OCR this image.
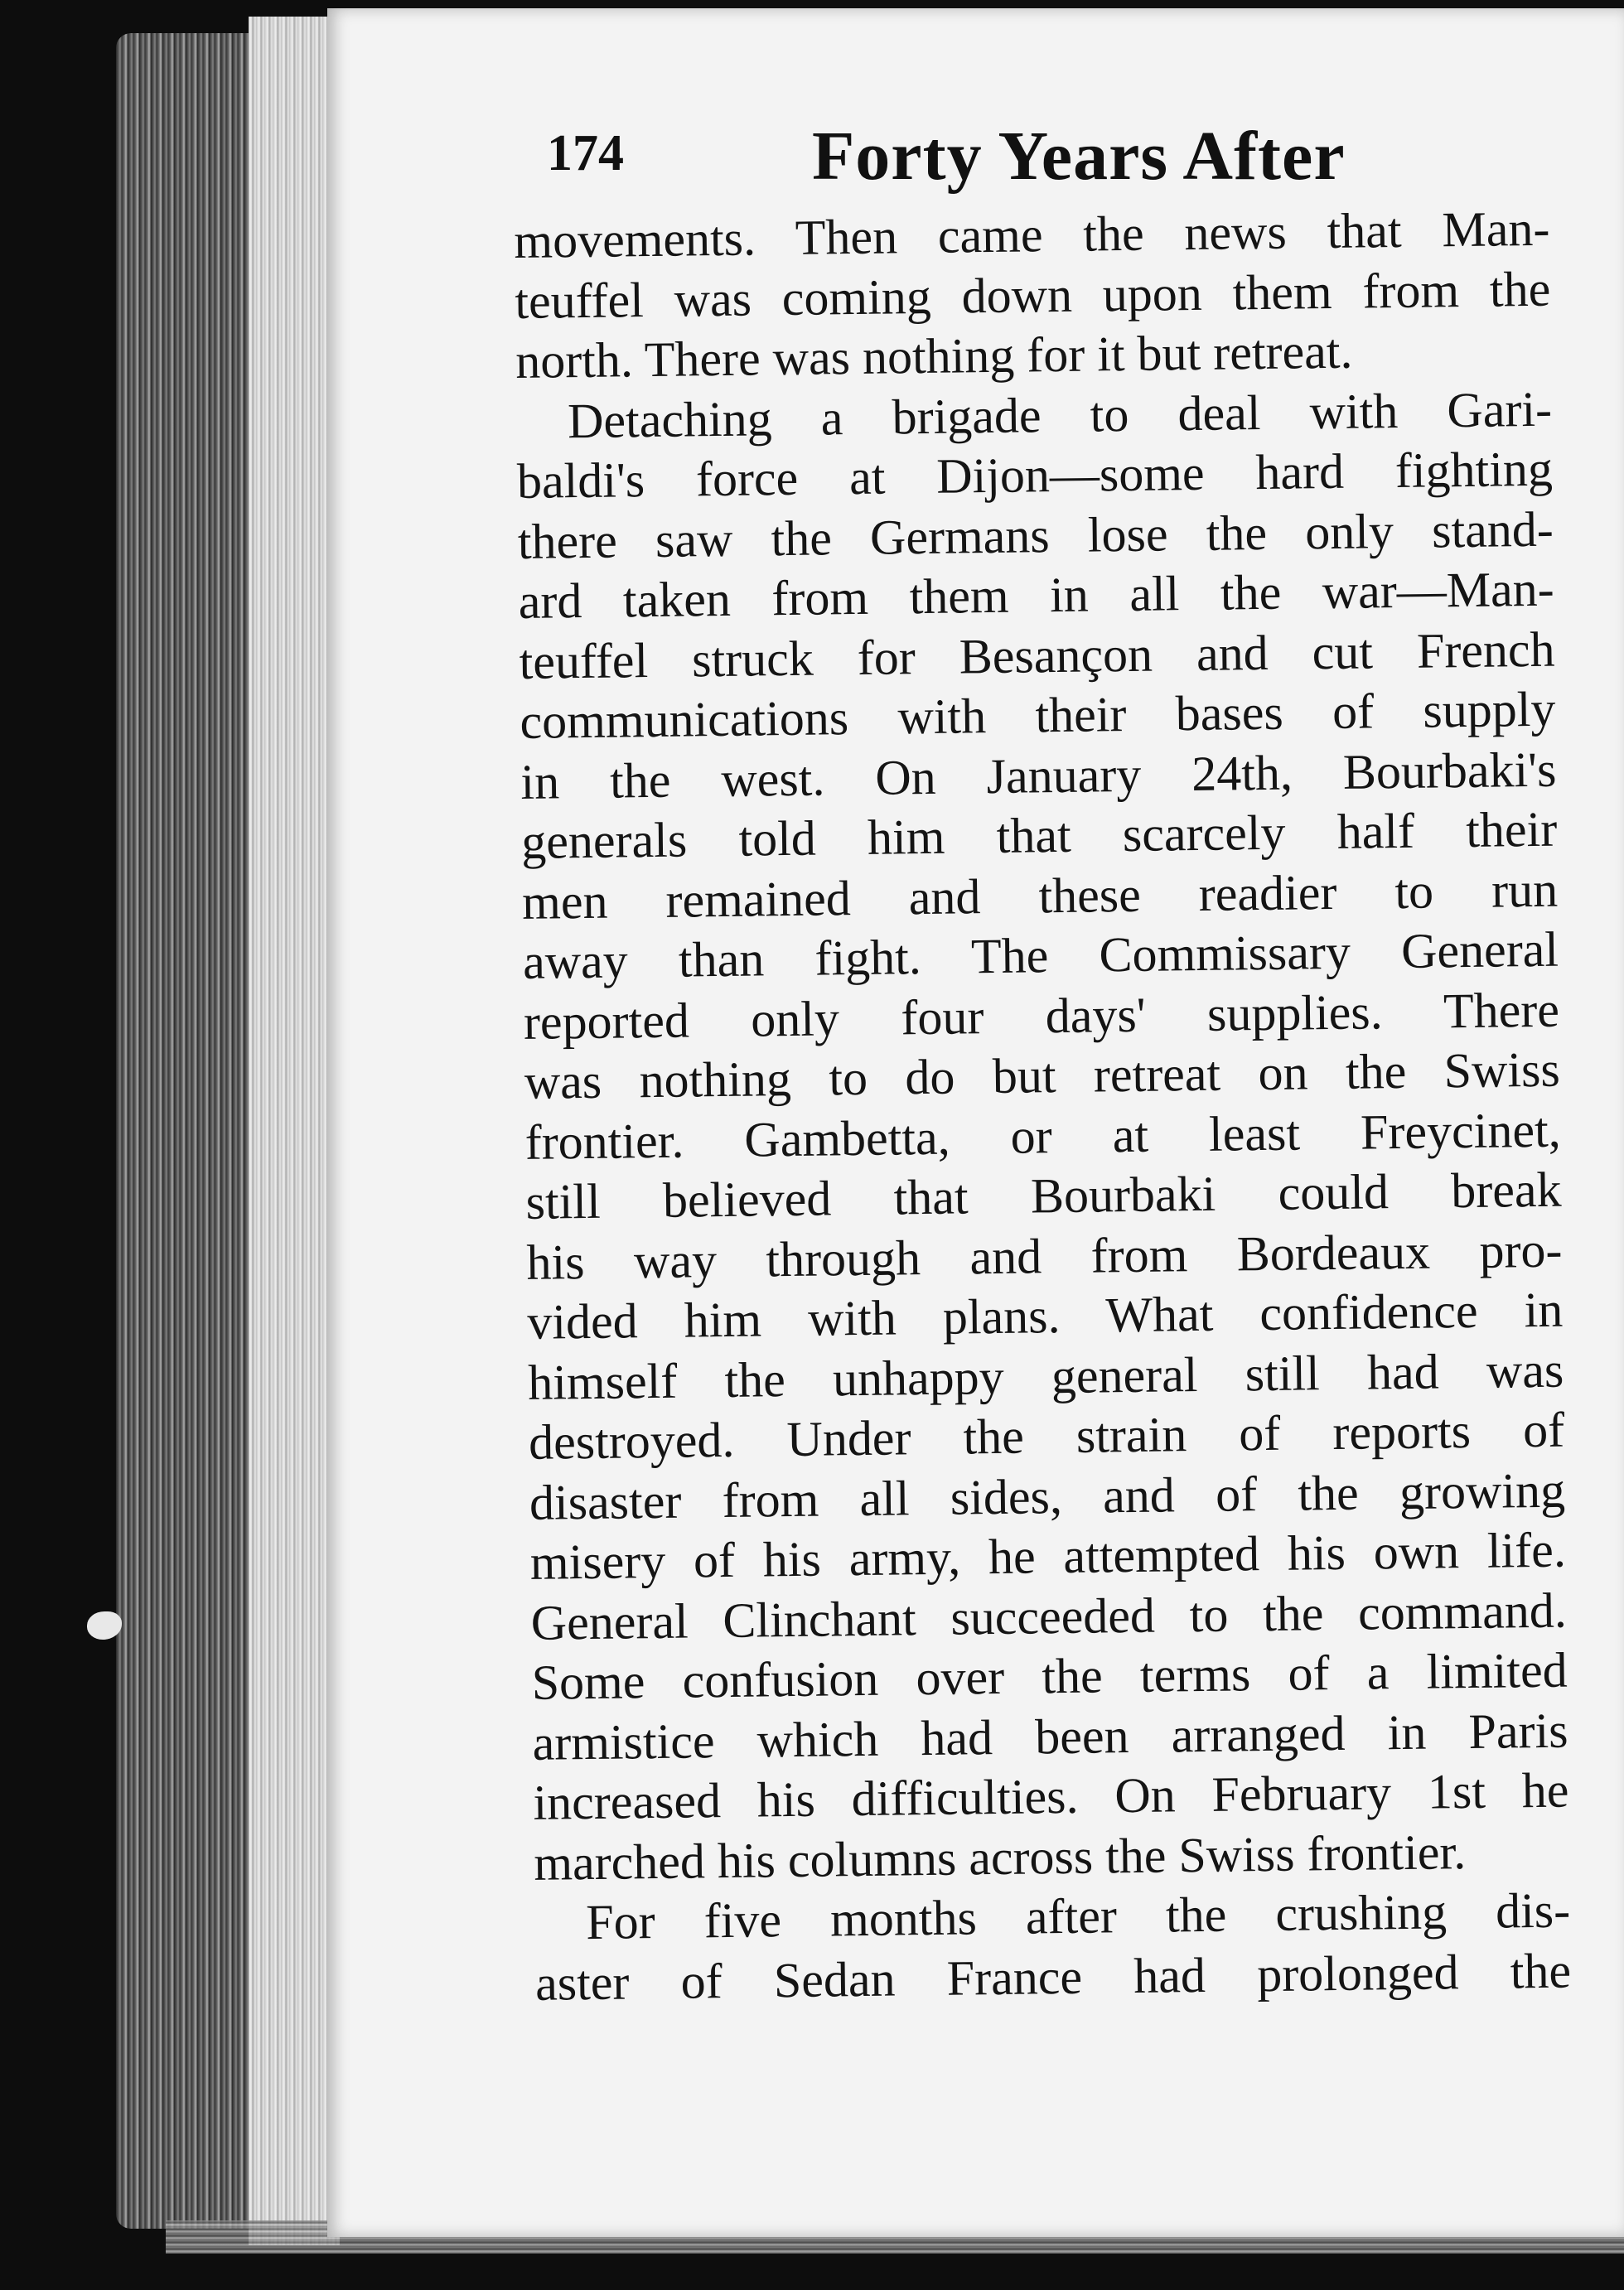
174	Forty Years After
movements. Then came the news that Man-
teuffel was coming down upon them from the
north. There was nothing for it but retreat.
Detaching a brigade to deal with Gari-
baldi's force at Dijon—some hard fighting
there saw the Germans lose the only stand-
ard taken from them in all the war—Man-
teuffel struck for Besançon and cut French
communications with their bases of supply
in the west. On January 24th, Bourbaki's
generals told him that scarcely half their
men remained and these readier to run
away than fight. The Commissary General
reported only four days' supplies. There
was nothing to do but retreat on the Swiss
frontier. Gambetta, or at least Freycinet,
still believed that Bourbaki could break
his way through and from Bordeaux pro-
vided him with plans. What confidence in
himself the unhappy general still had was
destroyed. Under the strain of reports of
disaster from all sides, and of the growing
misery of his army, he attempted his own life.
General Clinchant succeeded to the command.
Some confusion over the terms of a limited
armistice which had been arranged in Paris
increased his difficulties. On February 1st he
marched his columns across the Swiss frontier.
For five months after the crushing dis-
aster of Sedan France had prolonged the
